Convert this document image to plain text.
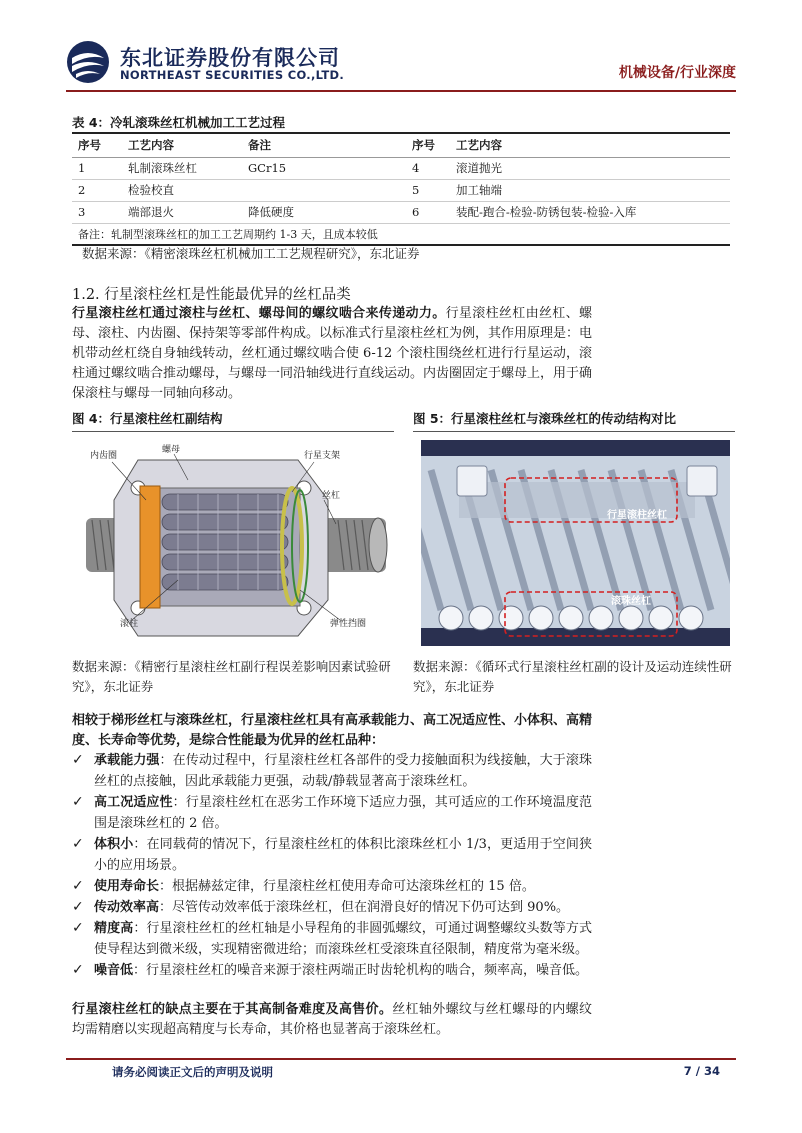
东北证券股份有限公司
NORTHEAST SECURITIES CO.,LTD.	机械设备/行业深度
表 4：冷轧滚珠丝杠机械加工工艺过程
序号	工艺内容	备注	序号	工艺内容
1	轧制滚珠丝杠	GCr15	4	滚道抛光
2	检验校直		5	加工轴端
3	端部退火	降低硬度	6	装配-跑合-检验-防锈包装-检验-入库
备注：轧制型滚珠丝杠的加工工艺周期约 1-3 天，且成本较低				
数据来源：《精密滚珠丝杠机械加工工艺规程研究》，东北证券
1.2. 行星滚柱丝杠是性能最优异的丝杠品类
行星滚柱丝杠通过滚柱与丝杠、螺母间的螺纹啮合来传递动力。行星滚柱丝杠由丝杠、螺母、滚柱、内齿圈、保持架等零部件构成。以标准式行星滚柱丝杠为例，其作用原理是：电机带动丝杠绕自身轴线转动，丝杠通过螺纹啮合使 6-12 个滚柱围绕丝杠进行行星运动，滚柱通过螺纹啮合推动螺母，与螺母一同沿轴线进行直线运动。内齿圈固定于螺母上，用于确保滚柱与螺母一同轴向移动。
图 4：行星滚柱丝杠副结构	图 5：行星滚柱丝杠与滚珠丝杠的传动结构对比
内齿圈
螺母
行星支架
丝杠
滚柱	弹性挡圈
行星滚柱丝杠
滚珠丝杠
数据来源：《精密行星滚柱丝杠副行程误差影响因素试验研究》，东北证券
数据来源：《循环式行星滚柱丝杠副的设计及运动连续性研究》，东北证券
相较于梯形丝杠与滚珠丝杠，行星滚柱丝杠具有高承载能力、高工况适应性、小体积、高精度、长寿命等优势，是综合性能最为优异的丝杠品种：
✓ 承载能力强：在传动过程中，行星滚柱丝杠各部件的受力接触面积为线接触，大于滚珠丝杠的点接触，因此承载能力更强，动载/静载显著高于滚珠丝杠。
✓ 高工况适应性：行星滚柱丝杠在恶劣工作环境下适应力强，其可适应的工作环境温度范围是滚珠丝杠的 2 倍。
✓ 体积小：在同载荷的情况下，行星滚柱丝杠的体积比滚珠丝杠小 1/3，更适用于空间狭小的应用场景。
✓ 使用寿命长：根据赫兹定律，行星滚柱丝杠使用寿命可达滚珠丝杠的 15 倍。
✓ 传动效率高：尽管传动效率低于滚珠丝杠，但在润滑良好的情况下仍可达到 90%。
✓ 精度高：行星滚柱丝杠的丝杠轴是小导程角的非圆弧螺纹，可通过调整螺纹头数等方式使导程达到微米级，实现精密微进给；而滚珠丝杠受滚珠直径限制，精度常为毫米级。
✓ 噪音低：行星滚柱丝杠的噪音来源于滚柱两端正时齿轮机构的啮合，频率高，噪音低。
行星滚柱丝杠的缺点主要在于其高制备难度及高售价。丝杠轴外螺纹与丝杠螺母的内螺纹均需精磨以实现超高精度与长寿命，其价格也显著高于滚珠丝杠。
请务必阅读正文后的声明及说明	7 / 34
